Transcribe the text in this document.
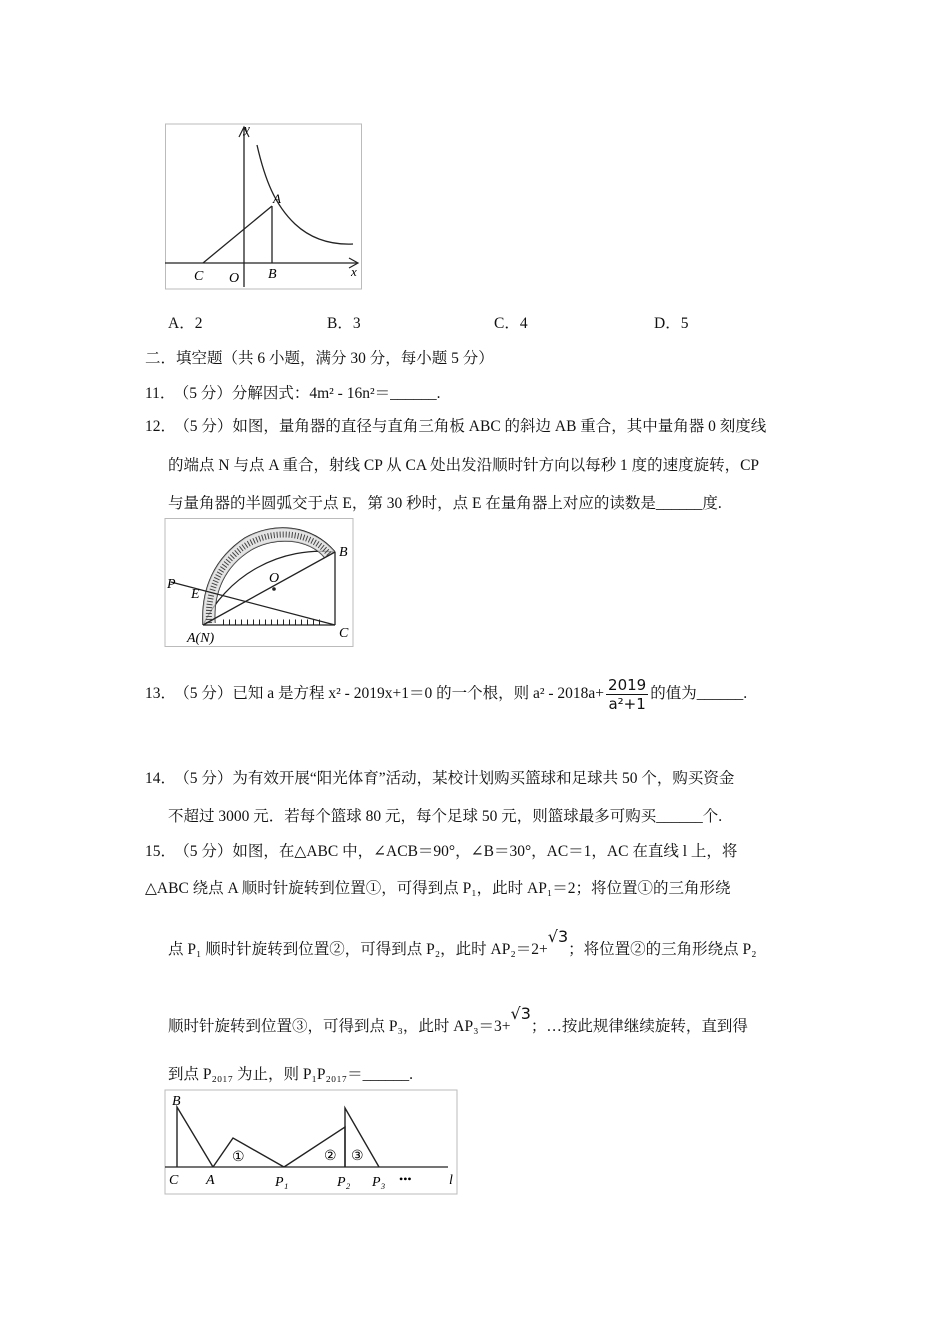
y
x
A
B
C O
A．2	B．3	C．4	D．5
二．填空题（共 6 小题，满分 30 分，每小题 5 分）
11． （5 分）分解因式：4m² - 16n²＝______.
12． （5 分）如图，量角器的直径与直角三角板 ABC 的斜边 AB 重合，其中量角器 0 刻度线
的端点 N 与点 A 重合，射线 CP 从 CA 处出发沿顺时针方向以每秒 1 度的速度旋转，CP
与量角器的半圆弧交于点 E，第 30 秒时，点 E 在量角器上对应的读数是______度.
P
E
O
B
A(N)	C
13． （5 分）已知 a 是方程 x² - 2019x+1＝0 的一个根，则 $a^2 - 2018a+ \frac{2019}{\text{a²+1}}$ 的值为______.
14． （5 分）为有效开展“阳光体育”活动，某校计划购买篮球和足球共 50 个，购买资金
不超过 3000 元．若每个篮球 80 元，每个足球 50 元，则篮球最多可购买______个.
15． （5 分）如图，在△ABC 中，∠ACB＝90°，∠B＝30°，AC＝1，AC 在直线 l 上，将
△ABC 绕点 A 顺时针旋转到位置①，可得到点 P₁，此时 AP₁＝2；将位置①的三角形绕
点 P₁ 顺时针旋转到位置②，可得到点 P₂，此时 AP₂＝2+√3；将位置②的三角形绕点 P₂
顺时针旋转到位置③，可得到点 P₃，此时 AP₃＝3+√3；…按此规律继续旋转，直到得
到点 P₂₀₁₇ 为止，则 P₁P₂₀₁₇＝______.
B
C A	P₁	P₂ P₃ •••	l
①	② ③
